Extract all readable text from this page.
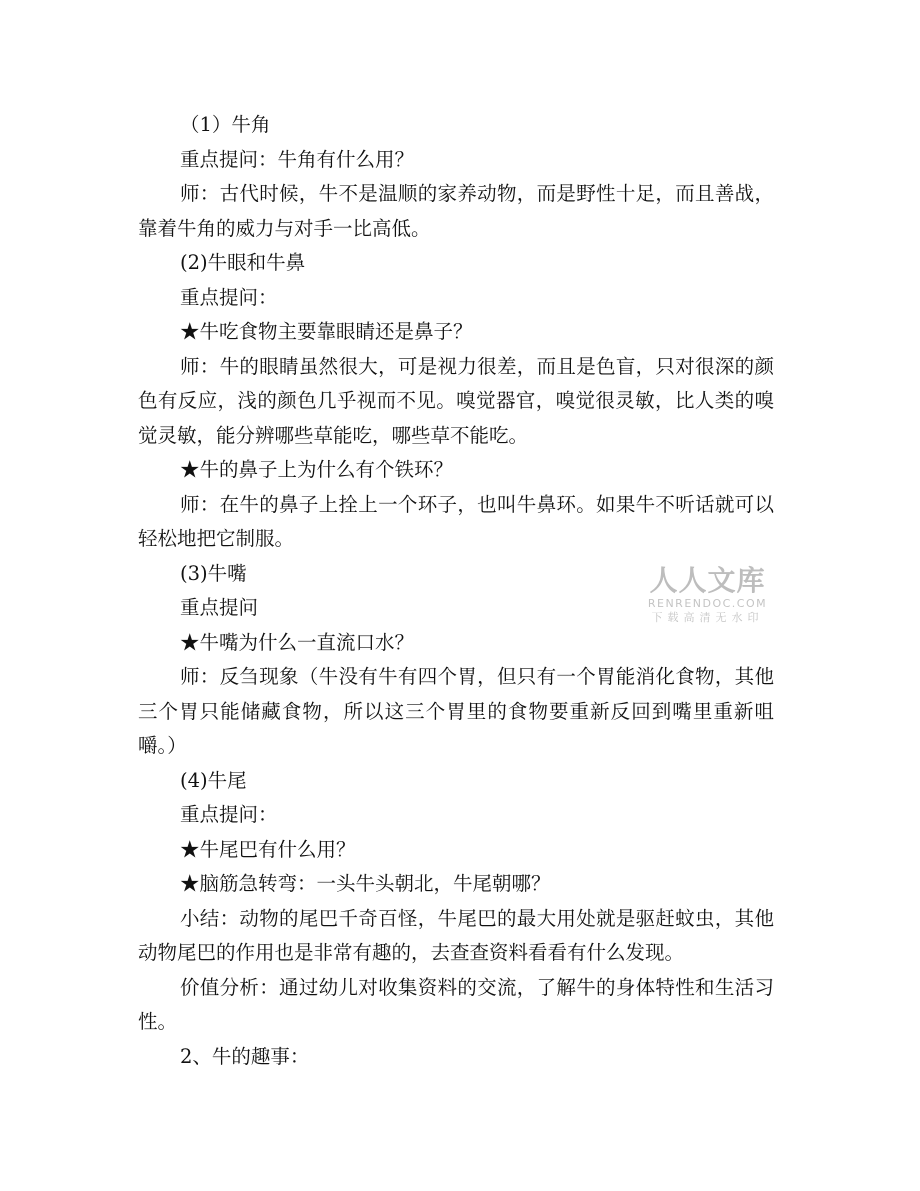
（1）牛角

重点提问：牛角有什么用？

师：古代时候，牛不是温顺的家养动物，而是野性十足，而且善战，靠着牛角的威力与对手一比高低。

(2)牛眼和牛鼻

重点提问：

★牛吃食物主要靠眼睛还是鼻子？

师：牛的眼睛虽然很大，可是视力很差，而且是色盲，只对很深的颜色有反应，浅的颜色几乎视而不见。嗅觉器官，嗅觉很灵敏，比人类的嗅觉灵敏，能分辨哪些草能吃，哪些草不能吃。

★牛的鼻子上为什么有个铁环？

师：在牛的鼻子上拴上一个环子，也叫牛鼻环。如果牛不听话就可以轻松地把它制服。

(3)牛嘴

重点提问

★牛嘴为什么一直流口水？

师：反刍现象（牛没有牛有四个胃，但只有一个胃能消化食物，其他三个胃只能储藏食物，所以这三个胃里的食物要重新反回到嘴里重新咀嚼。）

(4)牛尾

重点提问：

★牛尾巴有什么用？

★脑筋急转弯：一头牛头朝北，牛尾朝哪？

小结：动物的尾巴千奇百怪，牛尾巴的最大用处就是驱赶蚊虫，其他动物尾巴的作用也是非常有趣的，去查查资料看看有什么发现。

价值分析：通过幼儿对收集资料的交流，了解牛的身体特性和生活习性。

2、牛的趣事：

人人文库
RENRENDOC.COM
下载高清无水印
